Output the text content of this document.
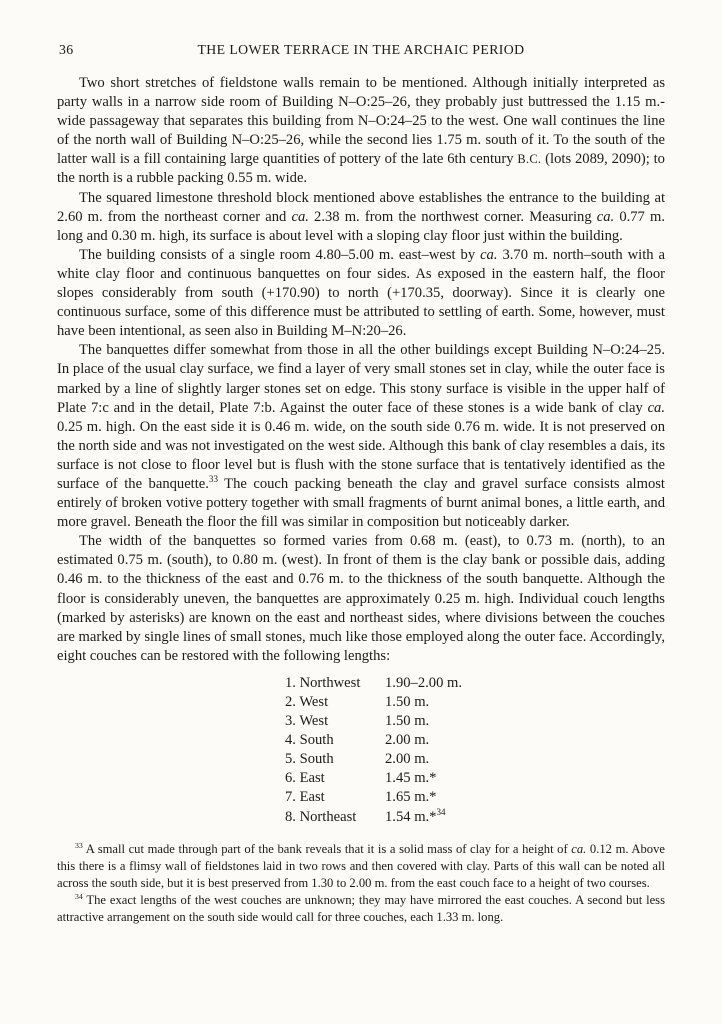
36	THE LOWER TERRACE IN THE ARCHAIC PERIOD

Two short stretches of fieldstone walls remain to be mentioned. Although initially interpreted as party walls in a narrow side room of Building N–O:25–26, they probably just buttressed the 1.15 m.-wide passageway that separates this building from N–O:24–25 to the west. One wall continues the line of the north wall of Building N–O:25–26, while the second lies 1.75 m. south of it. To the south of the latter wall is a fill containing large quantities of pottery of the late 6th century B.C. (lots 2089, 2090); to the north is a rubble packing 0.55 m. wide.

The squared limestone threshold block mentioned above establishes the entrance to the building at 2.60 m. from the northeast corner and ca. 2.38 m. from the northwest corner. Measuring ca. 0.77 m. long and 0.30 m. high, its surface is about level with a sloping clay floor just within the building.

The building consists of a single room 4.80–5.00 m. east–west by ca. 3.70 m. north–south with a white clay floor and continuous banquettes on four sides. As exposed in the eastern half, the floor slopes considerably from south (+170.90) to north (+170.35, doorway). Since it is clearly one continuous surface, some of this difference must be attributed to settling of earth. Some, however, must have been intentional, as seen also in Building M–N:20–26.

The banquettes differ somewhat from those in all the other buildings except Building N–O:24–25. In place of the usual clay surface, we find a layer of very small stones set in clay, while the outer face is marked by a line of slightly larger stones set on edge. This stony surface is visible in the upper half of Plate 7:c and in the detail, Plate 7:b. Against the outer face of these stones is a wide bank of clay ca. 0.25 m. high. On the east side it is 0.46 m. wide, on the south side 0.76 m. wide. It is not preserved on the north side and was not investigated on the west side. Although this bank of clay resembles a dais, its surface is not close to floor level but is flush with the stone surface that is tentatively identified as the surface of the banquette.$^{33}$ The couch packing beneath the clay and gravel surface consists almost entirely of broken votive pottery together with small fragments of burnt animal bones, a little earth, and more gravel. Beneath the floor the fill was similar in composition but noticeably darker.

The width of the banquettes so formed varies from 0.68 m. (east), to 0.73 m. (north), to an estimated 0.75 m. (south), to 0.80 m. (west). In front of them is the clay bank or possible dais, adding 0.46 m. to the thickness of the east and 0.76 m. to the thickness of the south banquette. Although the floor is considerably uneven, the banquettes are approximately 0.25 m. high. Individual couch lengths (marked by asterisks) are known on the east and northeast sides, where divisions between the couches are marked by single lines of small stones, much like those employed along the outer face. Accordingly, eight couches can be restored with the following lengths:

1. Northwest	1.90–2.00 m.
2. West	1.50 m.
3. West	1.50 m.
4. South	2.00 m.
5. South	2.00 m.
6. East	1.45 m.*
7. East	1.65 m.*
8. Northeast	1.54 m.*$^{34}$

$^{33}$ A small cut made through part of the bank reveals that it is a solid mass of clay for a height of ca. 0.12 m. Above this there is a flimsy wall of fieldstones laid in two rows and then covered with clay. Parts of this wall can be noted all across the south side, but it is best preserved from 1.30 to 2.00 m. from the east couch face to a height of two courses.

$^{34}$ The exact lengths of the west couches are unknown; they may have mirrored the east couches. A second but less attractive arrangement on the south side would call for three couches, each 1.33 m. long.
